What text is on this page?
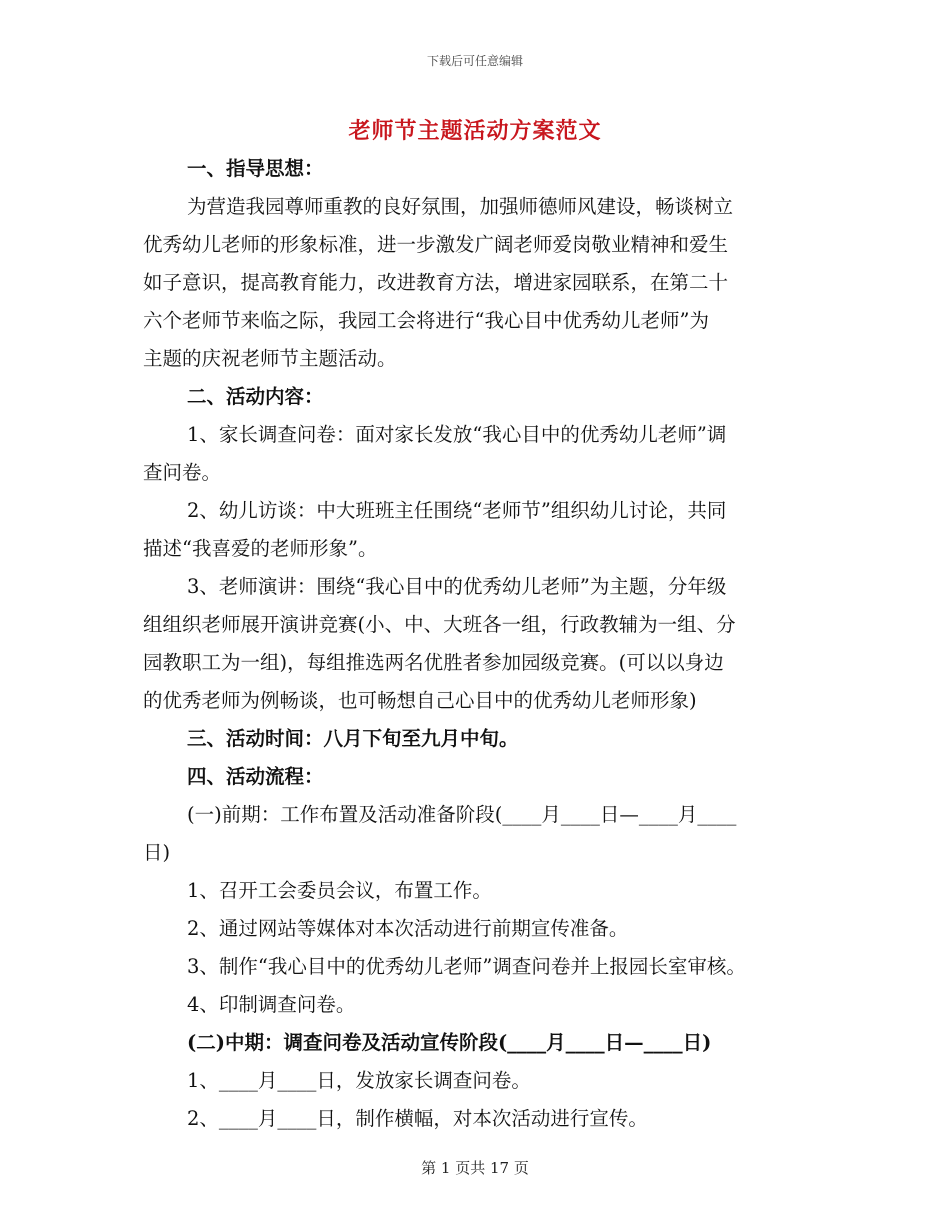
下载后可任意编辑
老师节主题活动方案范文
一、指导思想：
为营造我园尊师重教的良好氛围，加强师德师风建设，畅谈树立
优秀幼儿老师的形象标准，进一步激发广阔老师爱岗敬业精神和爱生
如子意识，提高教育能力，改进教育方法，增进家园联系，在第二十
六个老师节来临之际，我园工会将进行“我心目中优秀幼儿老师”为
主题的庆祝老师节主题活动。
二、活动内容：
1、家长调查问卷：面对家长发放“我心目中的优秀幼儿老师”调
查问卷。
2、幼儿访谈：中大班班主任围绕“老师节”组织幼儿讨论，共同
描述“我喜爱的老师形象”。
3、老师演讲：围绕“我心目中的优秀幼儿老师”为主题，分年级
组组织老师展开演讲竞赛(小、中、大班各一组，行政教辅为一组、分
园教职工为一组)，每组推选两名优胜者参加园级竞赛。(可以以身边
的优秀老师为例畅谈，也可畅想自己心目中的优秀幼儿老师形象)
三、活动时间：八月下旬至九月中旬。
四、活动流程：
(一)前期：工作布置及活动准备阶段(____月____日—____月____
日)
1、召开工会委员会议，布置工作。
2、通过网站等媒体对本次活动进行前期宣传准备。
3、制作“我心目中的优秀幼儿老师”调查问卷并上报园长室审核。
4、印制调查问卷。
(二)中期：调查问卷及活动宣传阶段(____月____日—____日)
1、____月____日，发放家长调查问卷。
2、____月____日，制作横幅，对本次活动进行宣传。
第 1 页共 17 页
